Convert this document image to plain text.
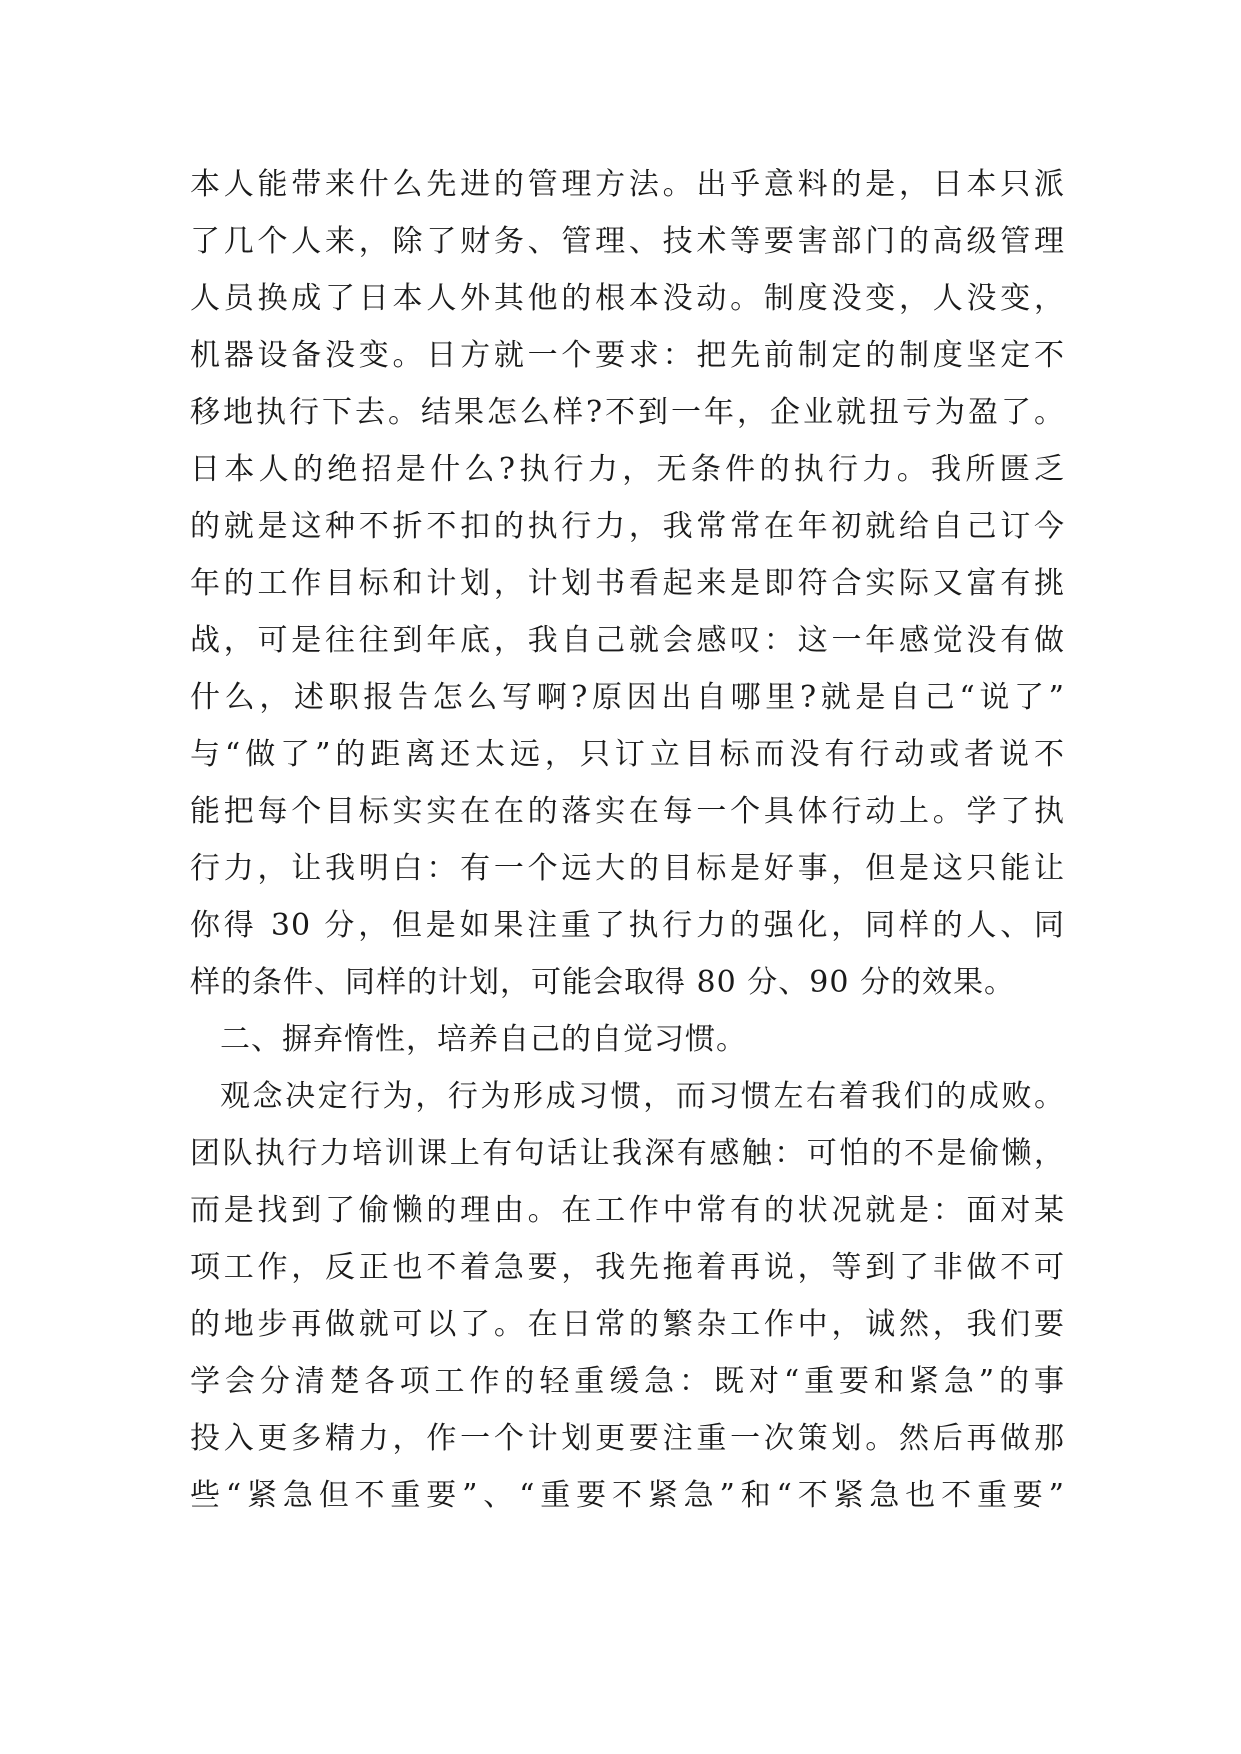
本人能带来什么先进的管理方法。出乎意料的是，日本只派
了几个人来，除了财务、管理、技术等要害部门的高级管理
人员换成了日本人外其他的根本没动。制度没变，人没变，
机器设备没变。日方就一个要求：把先前制定的制度坚定不
移地执行下去。结果怎么样?不到一年，企业就扭亏为盈了。
日本人的绝招是什么?执行力，无条件的执行力。我所匮乏
的就是这种不折不扣的执行力，我常常在年初就给自己订今
年的工作目标和计划，计划书看起来是即符合实际又富有挑
战，可是往往到年底，我自己就会感叹：这一年感觉没有做
什么，述职报告怎么写啊?原因出自哪里?就是自己“说了”
与“做了”的距离还太远，只订立目标而没有行动或者说不
能把每个目标实实在在的落实在每一个具体行动上。学了执
行力，让我明白：有一个远大的目标是好事，但是这只能让
你得 30 分，但是如果注重了执行力的强化，同样的人、同
样的条件、同样的计划，可能会取得 80 分、90 分的效果。
二、摒弃惰性，培养自己的自觉习惯。
观念决定行为，行为形成习惯，而习惯左右着我们的成败。
团队执行力培训课上有句话让我深有感触：可怕的不是偷懒，
而是找到了偷懒的理由。在工作中常有的状况就是：面对某
项工作，反正也不着急要，我先拖着再说，等到了非做不可
的地步再做就可以了。在日常的繁杂工作中，诚然，我们要
学会分清楚各项工作的轻重缓急：既对“重要和紧急”的事
投入更多精力，作一个计划更要注重一次策划。然后再做那
些“紧急但不重要”、“重要不紧急”和“不紧急也不重要”
